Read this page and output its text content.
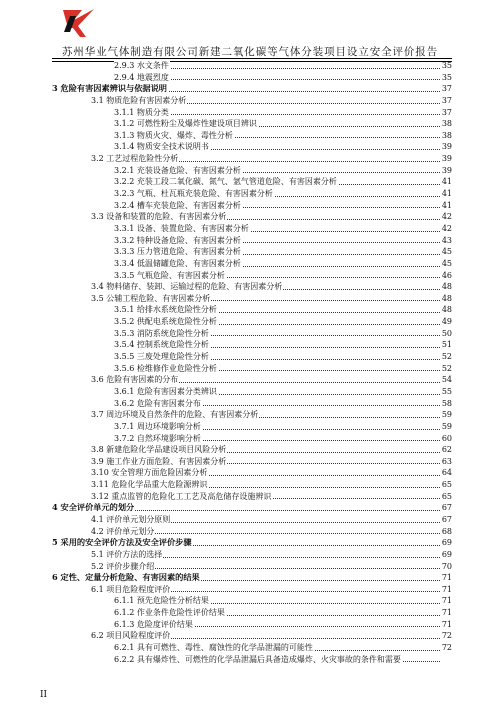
苏州华业气体制造有限公司新建二氧化碳等气体分装项目设立安全评价报告
2.9.3 水文条件	35
2.9.4 地震烈度	35
3 危险有害因素辨识与依据说明	37
3.1 物质危险有害因素分析	37
3.1.1 物质分类	37
3.1.2 可燃性粉尘及爆炸性建设项目辨识	38
3.1.3 物质火灾、爆炸、毒性分析	38
3.1.4 物质安全技术说明书	39
3.2 工艺过程危险性分析	39
3.2.1 充装设备危险、有害因素分析	39
3.2.2 充装工段二氧化碳、氮气、氩气管道危险、有害因素分析	41
3.2.3 气瓶、杜瓦瓶充装危险、有害因素分析	41
3.2.4 槽车充装危险、有害因素分析	41
3.3 设备和装置的危险、有害因素分析	42
3.3.1 设备、装置危险、有害因素分析	42
3.3.2 特种设备危险、有害因素分析	43
3.3.3 压力管道危险、有害因素分析	45
3.3.4 低温储罐危险、有害因素分析	45
3.3.5 气瓶危险、有害因素分析	46
3.4 物料储存、装卸、运输过程的危险、有害因素分析	48
3.5 公辅工程危险、有害因素分析	48
3.5.1 给排水系统危险性分析	48
3.5.2 供配电系统危险性分析	49
3.5.3 消防系统危险性分析	50
3.5.4 控制系统危险性分析	51
3.5.5 三废处理危险性分析	52
3.5.6 检维修作业危险性分析	52
3.6 危险有害因素的分布	54
3.6.1 危险有害因素分类辨识	55
3.6.2 危险有害因素分布	58
3.7 周边环境及自然条件的危险、有害因素分析	59
3.7.1 周边环境影响分析	59
3.7.2 自然环境影响分析	60
3.8 新建危险化学品建设项目风险分析	62
3.9 施工作业方面危险、有害因素分析	63
3.10 安全管理方面危险因素分析	64
3.11 危险化学品重大危险源辨识	65
3.12 重点监管的危险化工工艺及高危储存设施辨识	65
4 安全评价单元的划分	67
4.1 评价单元划分原则	67
4.2 评价单元划分	68
5 采用的安全评价方法及安全评价步骤	69
5.1 评价方法的选择	69
5.2 评价步骤介绍	70
6 定性、定量分析危险、有害因素的结果	71
6.1 项目危险程度评价	71
6.1.1 预先危险性分析结果	71
6.1.2 作业条件危险性评价结果	71
6.1.3 危险度评价结果	71
6.2 项目风险程度评价	72
6.2.1 具有可燃性、毒性、腐蚀性的化学品泄漏的可能性	72
6.2.2 具有爆炸性、可燃性的化学品泄漏后具备造成爆炸、火灾事故的条件和需要
II
